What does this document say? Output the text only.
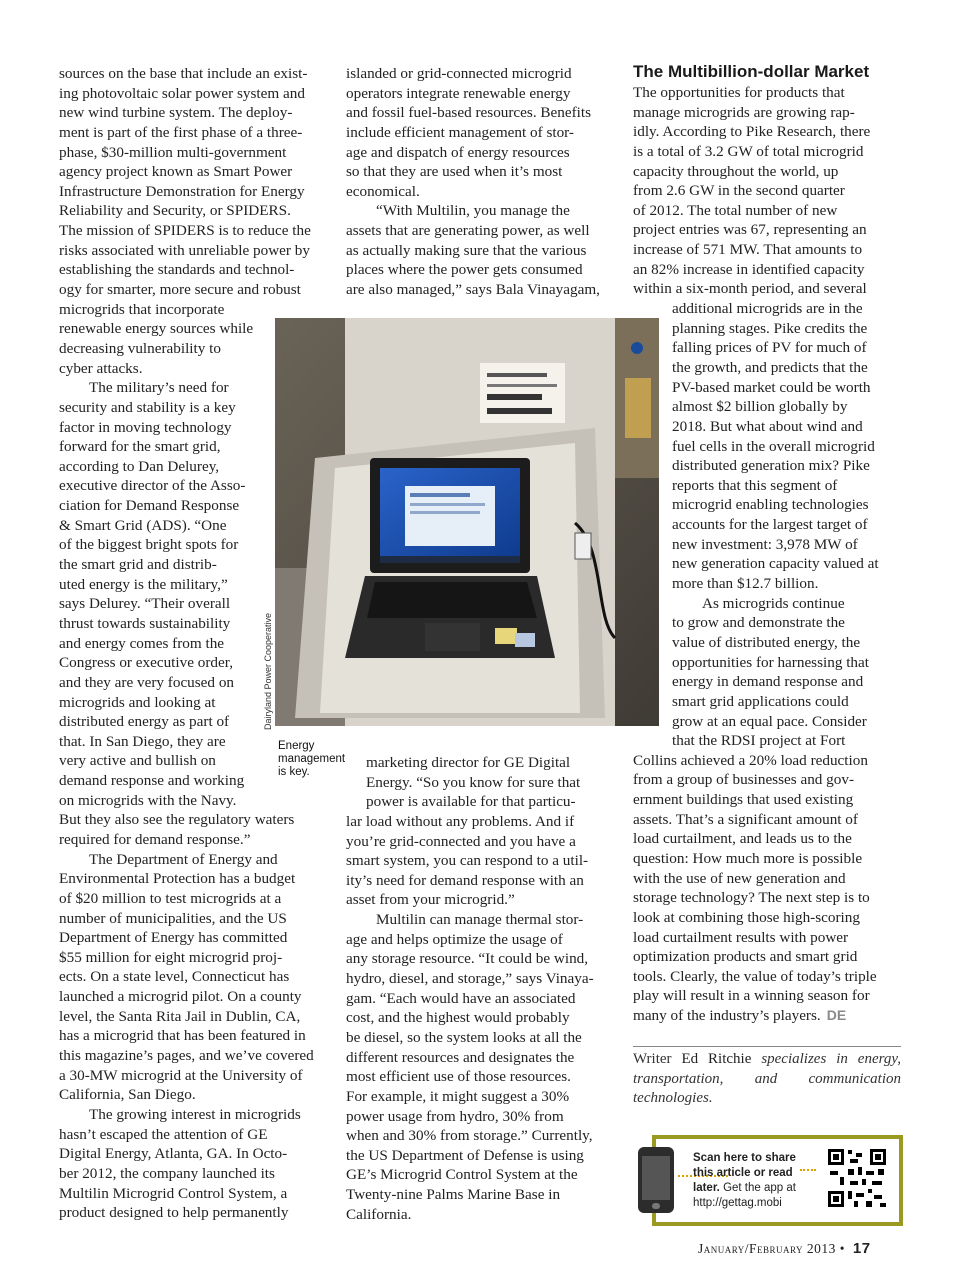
sources on the base that include an exist-
ing photovoltaic solar power system and
new wind turbine system. The deploy-
ment is part of the first phase of a three-
phase, $30-million multi-government
agency project known as Smart Power
Infrastructure Demonstration for Energy
Reliability and Security, or SPIDERS.
The mission of SPIDERS is to reduce the
risks associated with unreliable power by
establishing the standards and technol-
ogy for smarter, more secure and robust
microgrids that incorporate
renewable energy sources while
decreasing vulnerability to
cyber attacks.
The military’s need for
security and stability is a key
factor in moving technology
forward for the smart grid,
according to Dan Delurey,
executive director of the Asso-
ciation for Demand Response
& Smart Grid (ADS). “One
of the biggest bright spots for
the smart grid and distrib-
uted energy is the military,”
says Delurey. “Their overall
thrust towards sustainability
and energy comes from the
Congress or executive order,
and they are very focused on
microgrids and looking at
distributed energy as part of
that. In San Diego, they are
very active and bullish on
demand response and working
on microgrids with the Navy.
But they also see the regulatory waters
required for demand response.”
The Department of Energy and
Environmental Protection has a budget
of $20 million to test microgrids at a
number of municipalities, and the US
Department of Energy has committed
$55 million for eight microgrid proj-
ects. On a state level, Connecticut has
launched a microgrid pilot. On a county
level, the Santa Rita Jail in Dublin, CA,
has a microgrid that has been featured in
this magazine’s pages, and we’ve covered
a 30-MW microgrid at the University of
California, San Diego.
The growing interest in microgrids
hasn’t escaped the attention of GE
Digital Energy, Atlanta, GA. In Octo-
ber 2012, the company launched its
Multilin Microgrid Control System, a
product designed to help permanently
islanded or grid-connected microgrid
operators integrate renewable energy
and fossil fuel-based resources. Benefits
include efficient management of stor-
age and dispatch of energy resources
so that they are used when it’s most
economical.
“With Multilin, you manage the
assets that are generating power, as well
as actually making sure that the various
places where the power gets consumed
are also managed,” says Bala Vinayagam,
marketing director for GE Digital
Energy. “So you know for sure that
power is available for that particu-
lar load without any problems. And if
you’re grid-connected and you have a
smart system, you can respond to a util-
ity’s need for demand response with an
asset from your microgrid.”
Multilin can manage thermal stor-
age and helps optimize the usage of
any storage resource. “It could be wind,
hydro, diesel, and storage,” says Vinaya-
gam. “Each would have an associated
cost, and the highest would probably
be diesel, so the system looks at all the
different resources and designates the
most efficient use of those resources.
For example, it might suggest a 30%
power usage from hydro, 30% from
when and 30% from storage.” Currently,
the US Department of Defense is using
GE’s Microgrid Control System at the
Twenty-nine Palms Marine Base in
California.
The Multibillion-dollar Market
The opportunities for products that
manage microgrids are growing rap-
idly. According to Pike Research, there
is a total of 3.2 GW of total microgrid
capacity throughout the world, up
from 2.6 GW in the second quarter
of 2012. The total number of new
project entries was 67, representing an
increase of 571 MW. That amounts to
an 82% increase in identified capacity
within a six-month period, and several
additional microgrids are in the
planning stages. Pike credits the
falling prices of PV for much of
the growth, and predicts that the
PV-based market could be worth
almost $2 billion globally by
2018. But what about wind and
fuel cells in the overall microgrid
distributed generation mix? Pike
reports that this segment of
microgrid enabling technologies
accounts for the largest target of
new investment: 3,978 MW of
new generation capacity valued at
more than $12.7 billion.
As microgrids continue
to grow and demonstrate the
value of distributed energy, the
opportunities for harnessing that
energy in demand response and
smart grid applications could
grow at an equal pace. Consider
that the RDSI project at Fort
Collins achieved a 20% load reduction
from a group of businesses and gov-
ernment buildings that used existing
assets. That’s a significant amount of
load curtailment, and leads us to the
question: How much more is possible
with the use of new generation and
storage technology? The next step is to
look at combining those high-scoring
load curtailment results with power
optimization products and smart grid
tools. Clearly, the value of today’s triple
play will result in a winning season for
many of the industry’s players. DE
Dairyland Power Cooperative
Energy
management
is key.
Writer Ed Ritchie specializes in energy, transportation, and communication technologies.
Scan here to share
this article or read
later. Get the app at
http://gettag.mobi
January/February 2013 • 17
